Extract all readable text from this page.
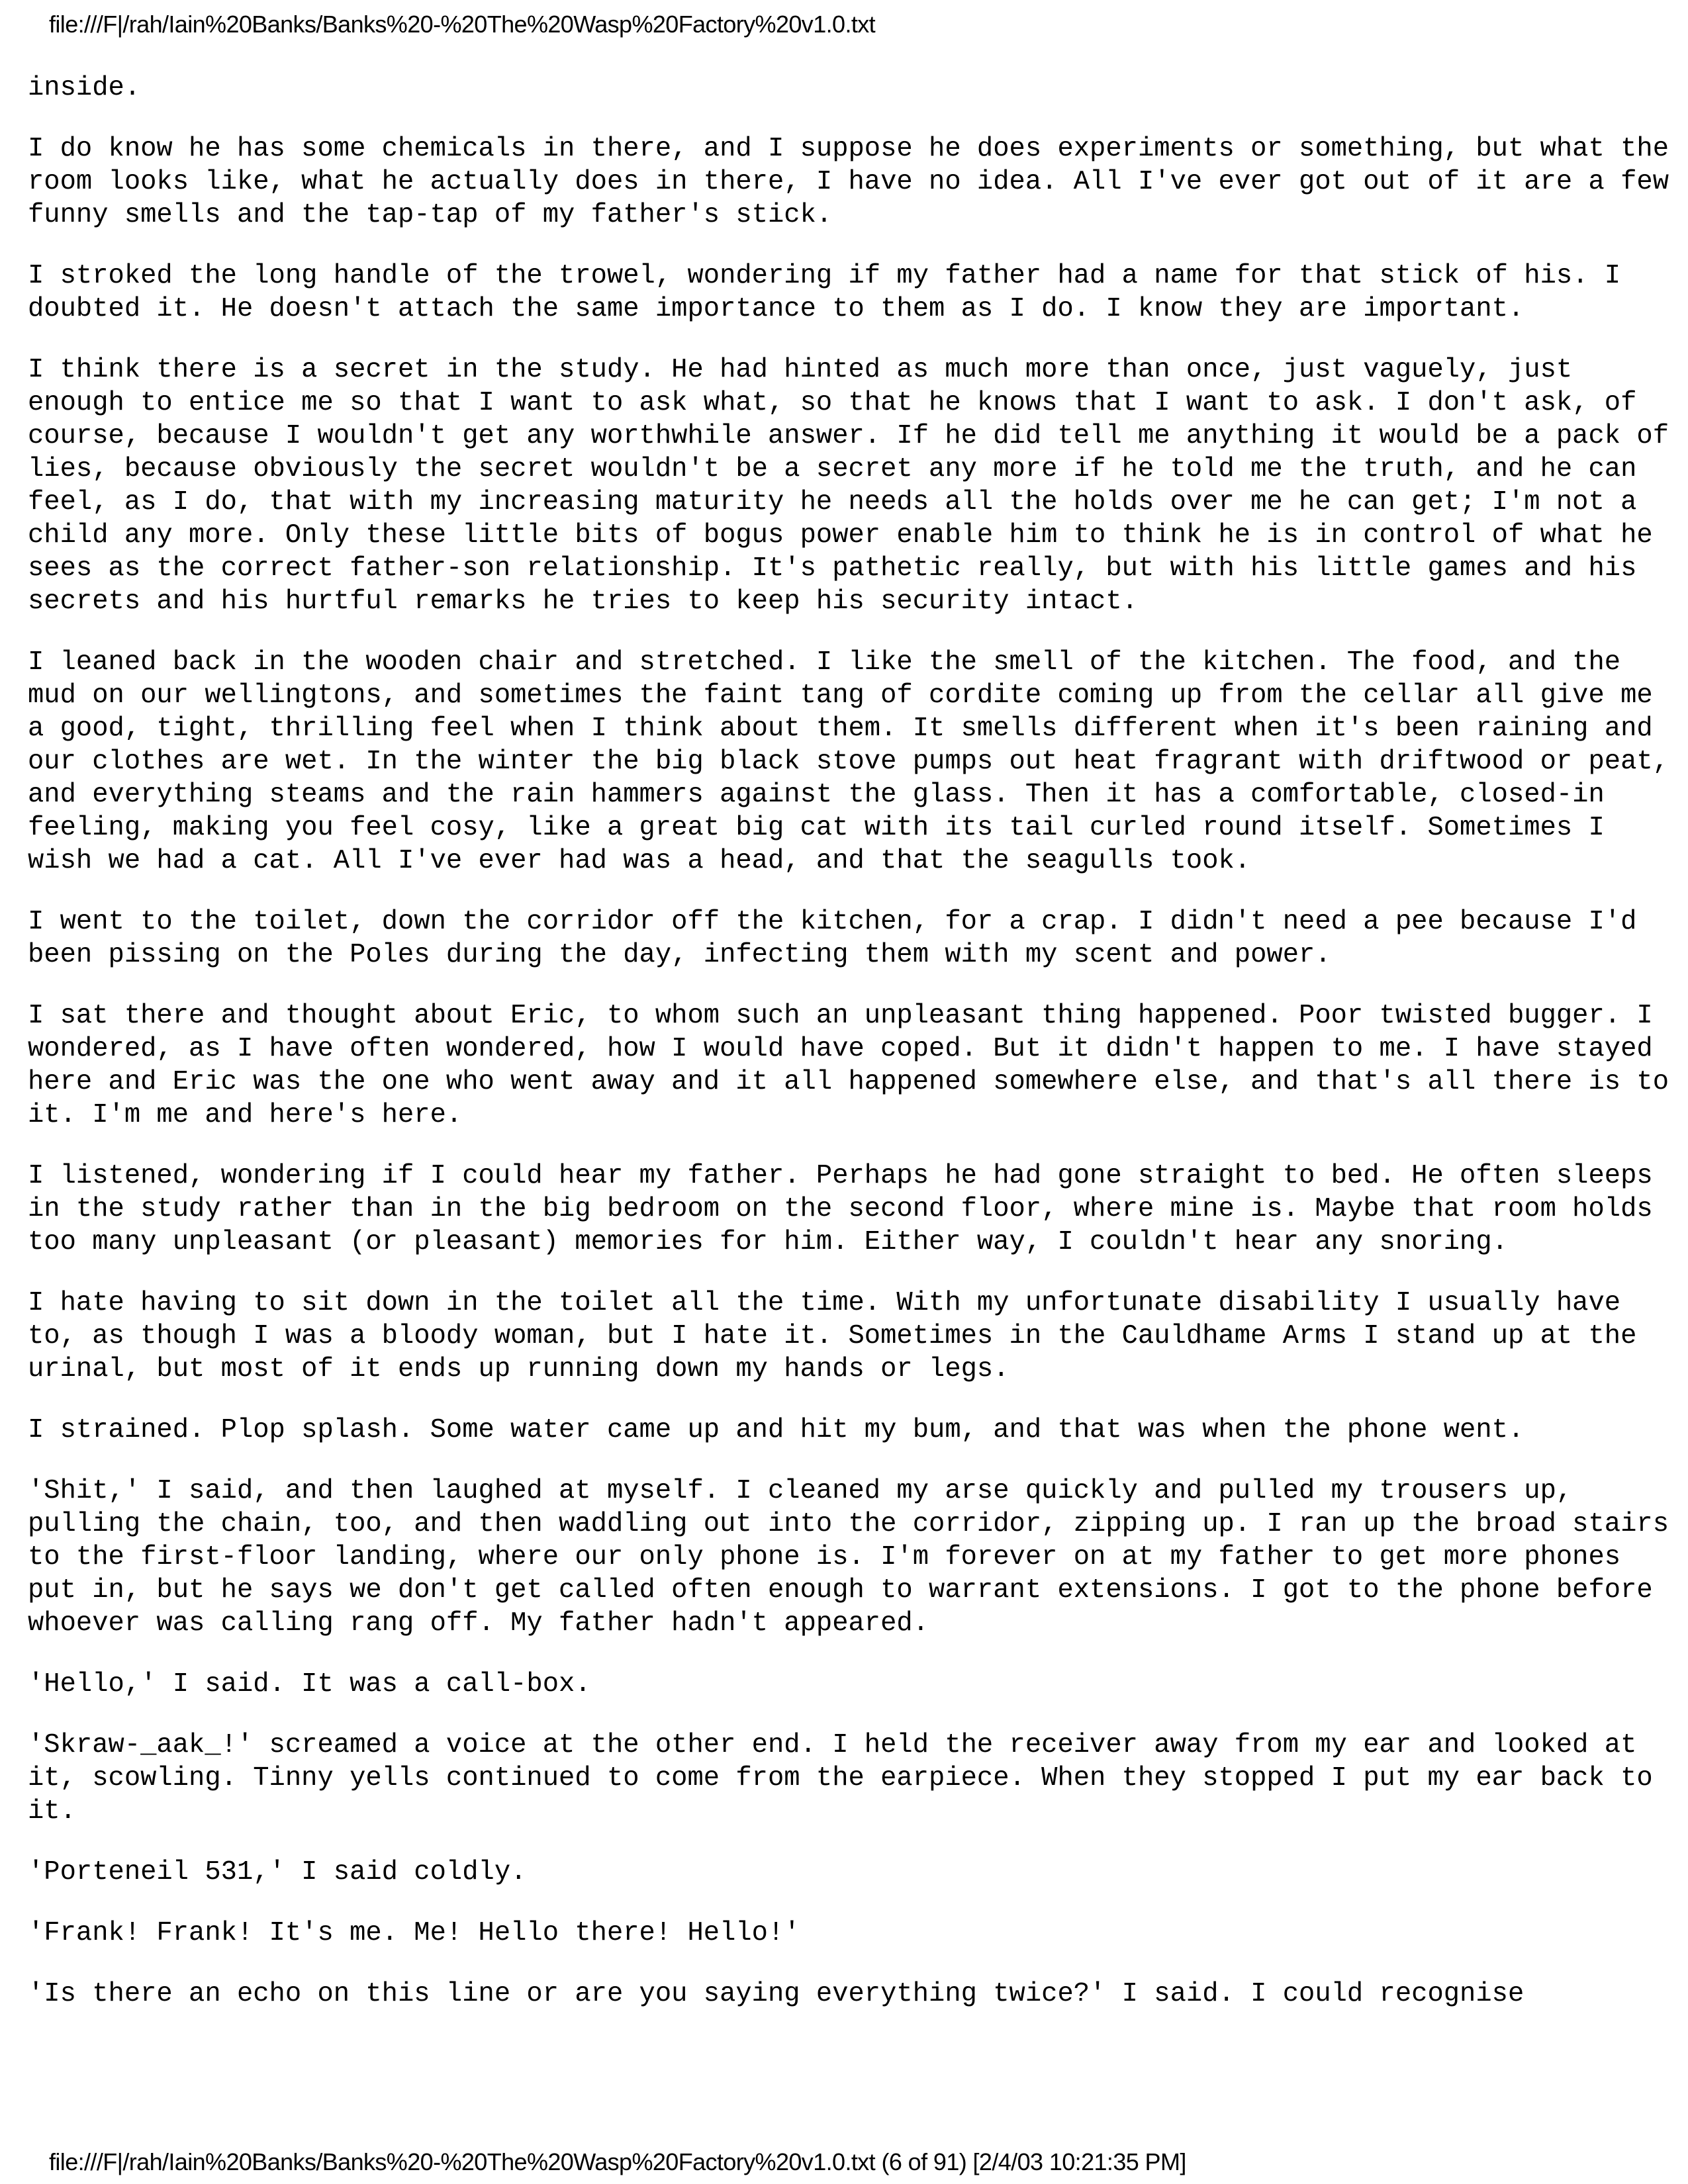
file:///F|/rah/Iain%20Banks/Banks%20-%20The%20Wasp%20Factory%20v1.0.txt

inside.

I do know he has some chemicals in there, and I suppose he does experiments or something, but what the room looks like, what he actually does in there, I have no idea. All I've ever got out of it are a few funny smells and the tap-tap of my father's stick.

I stroked the long handle of the trowel, wondering if my father had a name for that stick of his. I doubted it. He doesn't attach the same importance to them as I do. I know they are important.

I think there is a secret in the study. He had hinted as much more than once, just vaguely, just enough to entice me so that I want to ask what, so that he knows that I want to ask. I don't ask, of course, because I wouldn't get any worthwhile answer. If he did tell me anything it would be a pack of lies, because obviously the secret wouldn't be a secret any more if he told me the truth, and he can feel, as I do, that with my increasing maturity he needs all the holds over me he can get; I'm not a child any more. Only these little bits of bogus power enable him to think he is in control of what he sees as the correct father-son relationship. It's pathetic really, but with his little games and his secrets and his hurtful remarks he tries to keep his security intact.

I leaned back in the wooden chair and stretched. I like the smell of the kitchen. The food, and the mud on our wellingtons, and sometimes the faint tang of cordite coming up from the cellar all give me a good, tight, thrilling feel when I think about them. It smells different when it's been raining and our clothes are wet. In the winter the big black stove pumps out heat fragrant with driftwood or peat, and everything steams and the rain hammers against the glass. Then it has a comfortable, closed-in feeling, making you feel cosy, like a great big cat with its tail curled round itself. Sometimes I wish we had a cat. All I've ever had was a head, and that the seagulls took.

I went to the toilet, down the corridor off the kitchen, for a crap. I didn't need a pee because I'd been pissing on the Poles during the day, infecting them with my scent and power.

I sat there and thought about Eric, to whom such an unpleasant thing happened. Poor twisted bugger. I wondered, as I have often wondered, how I would have coped. But it didn't happen to me. I have stayed here and Eric was the one who went away and it all happened somewhere else, and that's all there is to it. I'm me and here's here.

I listened, wondering if I could hear my father. Perhaps he had gone straight to bed. He often sleeps in the study rather than in the big bedroom on the second floor, where mine is. Maybe that room holds too many unpleasant (or pleasant) memories for him. Either way, I couldn't hear any snoring.

I hate having to sit down in the toilet all the time. With my unfortunate disability I usually have to, as though I was a bloody woman, but I hate it. Sometimes in the Cauldhame Arms I stand up at the urinal, but most of it ends up running down my hands or legs.

I strained. Plop splash. Some water came up and hit my bum, and that was when the phone went.

'Shit,' I said, and then laughed at myself. I cleaned my arse quickly and pulled my trousers up, pulling the chain, too, and then waddling out into the corridor, zipping up. I ran up the broad stairs to the first-floor landing, where our only phone is. I'm forever on at my father to get more phones put in, but he says we don't get called often enough to warrant extensions. I got to the phone before whoever was calling rang off. My father hadn't appeared.

'Hello,' I said. It was a call-box.

'Skraw-_aak_!' screamed a voice at the other end. I held the receiver away from my ear and looked at it, scowling. Tinny yells continued to come from the earpiece. When they stopped I put my ear back to it.

'Porteneil 531,' I said coldly.

'Frank! Frank! It's me. Me! Hello there! Hello!'

'Is there an echo on this line or are you saying everything twice?' I said. I could recognise

file:///F|/rah/Iain%20Banks/Banks%20-%20The%20Wasp%20Factory%20v1.0.txt (6 of 91) [2/4/03 10:21:35 PM]
